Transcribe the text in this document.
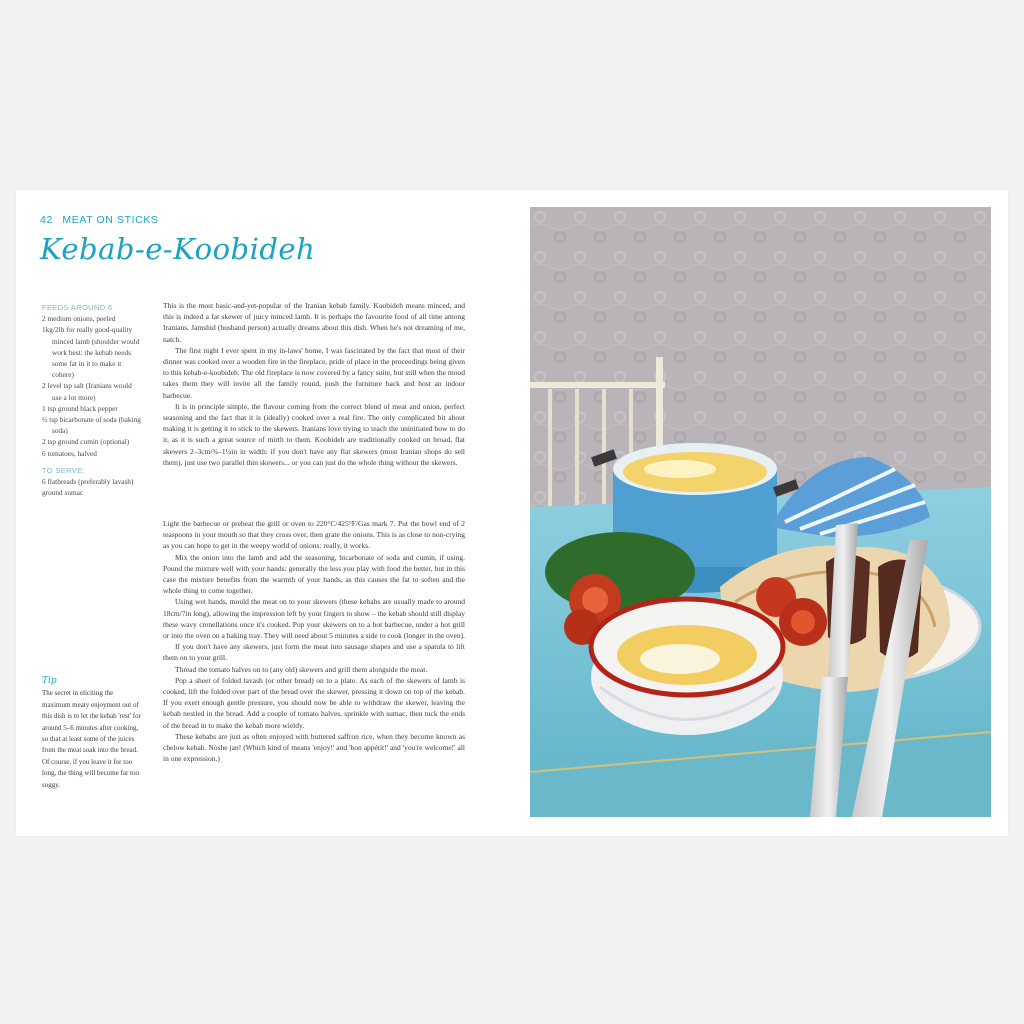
42 MEAT ON STICKS
Kebab-e-Koobideh
FEEDS AROUND 6

2 medium onions, peeled

1kg/2lb for really good-quality minced lamb (shoulder would work best: the kebab needs some fat in it to make it cohere)

2 level tsp salt (Iranians would use a lot more)

1 tsp ground black pepper

½ tsp bicarbonate of soda (baking soda)

2 tsp ground cumin (optional)

6 tomatoes, halved

TO SERVE:

6 flatbreads (preferably lavash)

ground sumac

Tip
The secret in eliciting the maximum meaty enjoyment out of this dish is to let the kebab 'rest' for around 5–6 minutes after cooking, so that at least some of the juices from the meat soak into the bread. Of course, if you leave it for too long, the thing will become far too soggy.

This is the most basic-and-yet-popular of the Iranian kebab family. Koobideh means minced, and this is indeed a fat skewer of juicy minced lamb. It is perhaps the favourite food of all time among Iranians. Jamshid (husband person) actually dreams about this dish. When he's not dreaming of me, natch.

The first night I ever spent in my in-laws' home, I was fascinated by the fact that most of their dinner was cooked over a wooden fire in the fireplace, pride of place in the proceedings being given to this kebab-e-koobideh. The old fireplace is now covered by a fancy suite, but still when the mood takes them they will invite all the family round, push the furniture back and host an indoor barbecue.

It is in principle simple, the flavour coming from the correct blend of meat and onion, perfect seasoning and the fact that it is (ideally) cooked over a real fire. The only complicated bit about making it is getting it to stick to the skewers. Iranians love trying to teach the uninitiated how to do it, as it is such a great source of mirth to them. Koobideh are traditionally cooked on broad, flat skewers 2–3cm/¾–1¼in in width: if you don't have any flat skewers (most Iranian shops do sell them), just use two parallel thin skewers... or you can just do the whole thing without the skewers.

Light the barbecue or preheat the grill or oven to 220°C/425°F/Gas mark 7. Put the bowl end of 2 teaspoons in your mouth so that they cross over, then grate the onions. This is as close to non-crying as you can hope to get in the weepy world of onions: really, it works.

Mix the onion into the lamb and add the seasoning, bicarbonate of soda and cumin, if using. Pound the mixture well with your hands: generally the less you play with food the better, but in this case the mixture benefits from the warmth of your hands, as this causes the fat to soften and the whole thing to come together.

Using wet hands, mould the meat on to your skewers (these kebabs are usually made to around 18cm/7in long), allowing the impression left by your fingers to show – the kebab should still display these wavy crenellations once it's cooked. Pop your skewers on to a hot barbecue, under a hot grill or into the oven on a baking tray. They will need about 5 minutes a side to cook (longer in the oven).

If you don't have any skewers, just form the meat into sausage shapes and use a spatula to lift them on to your grill.

Thread the tomato halves on to (any old) skewers and grill them alongside the meat.

Pop a sheet of folded lavash (or other bread) on to a plate. As each of the skewers of lamb is cooked, lift the folded over part of the bread over the skewer, pressing it down on top of the kebab. If you exert enough gentle pressure, you should now be able to withdraw the skewer, leaving the kebab nestled in the bread. Add a couple of tomato halves, sprinkle with sumac, then tuck the ends of the bread in to make the kebab more wieldy.

These kebabs are just as often enjoyed with buttered saffron rice, when they become known as chelow kebab. Noshe jan! (Which kind of means 'enjoy!' and 'bon appétit!' and 'you're welcome!' all in one expression.)
